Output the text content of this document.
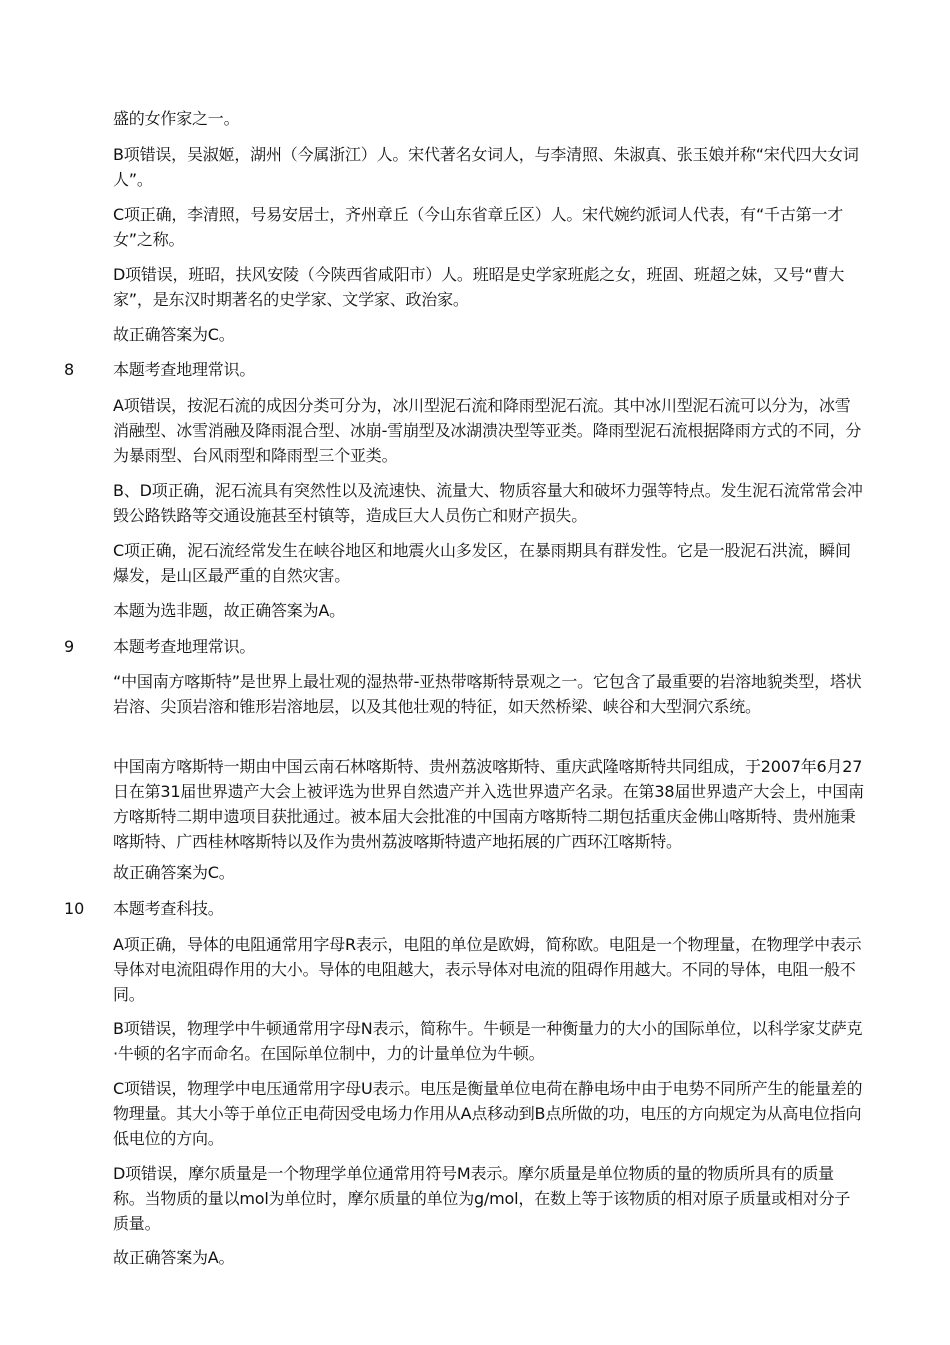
盛的女作家之一。

B项错误，吴淑姬，湖州（今属浙江）人。宋代著名女词人，与李清照、朱淑真、张玉娘并称“宋代四大女词人”。

C项正确，李清照，号易安居士，齐州章丘（今山东省章丘区）人。宋代婉约派词人代表，有“千古第一才女”之称。

D项错误，班昭，扶风安陵（今陕西省咸阳市）人。班昭是史学家班彪之女，班固、班超之妹，又号“曹大家”，是东汉时期著名的史学家、文学家、政治家。

故正确答案为C。

8	本题考查地理常识。

A项错误，按泥石流的成因分类可分为，冰川型泥石流和降雨型泥石流。其中冰川型泥石流可以分为，冰雪消融型、冰雪消融及降雨混合型、冰崩-雪崩型及冰湖溃决型等亚类。降雨型泥石流根据降雨方式的不同，分为暴雨型、台风雨型和降雨型三个亚类。

B、D项正确，泥石流具有突然性以及流速快、流量大、物质容量大和破坏力强等特点。发生泥石流常常会冲毁公路铁路等交通设施甚至村镇等，造成巨大人员伤亡和财产损失。

C项正确，泥石流经常发生在峡谷地区和地震火山多发区，在暴雨期具有群发性。它是一股泥石洪流，瞬间爆发，是山区最严重的自然灾害。

本题为选非题，故正确答案为A。

9	本题考查地理常识。

“中国南方喀斯特”是世界上最壮观的湿热带-亚热带喀斯特景观之一。它包含了最重要的岩溶地貌类型，塔状岩溶、尖顶岩溶和锥形岩溶地层，以及其他壮观的特征，如天然桥梁、峡谷和大型洞穴系统。

中国南方喀斯特一期由中国云南石林喀斯特、贵州荔波喀斯特、重庆武隆喀斯特共同组成，于2007年6月27日在第31届世界遗产大会上被评选为世界自然遗产并入选世界遗产名录。在第38届世界遗产大会上，中国南方喀斯特二期申遗项目获批通过。被本届大会批准的中国南方喀斯特二期包括重庆金佛山喀斯特、贵州施秉喀斯特、广西桂林喀斯特以及作为贵州荔波喀斯特遗产地拓展的广西环江喀斯特。

故正确答案为C。

10	本题考查科技。

A项正确，导体的电阻通常用字母R表示，电阻的单位是欧姆，简称欧。电阻是一个物理量，在物理学中表示导体对电流阻碍作用的大小。导体的电阻越大，表示导体对电流的阻碍作用越大。不同的导体，电阻一般不同。

B项错误，物理学中牛顿通常用字母N表示，简称牛。牛顿是一种衡量力的大小的国际单位，以科学家艾萨克·牛顿的名字而命名。在国际单位制中，力的计量单位为牛顿。

C项错误，物理学中电压通常用字母U表示。电压是衡量单位电荷在静电场中由于电势不同所产生的能量差的物理量。其大小等于单位正电荷因受电场力作用从A点移动到B点所做的功，电压的方向规定为从高电位指向低电位的方向。

D项错误，摩尔质量是一个物理学单位通常用符号M表示。摩尔质量是单位物质的量的物质所具有的质量称。当物质的量以mol为单位时，摩尔质量的单位为g/mol，在数上等于该物质的相对原子质量或相对分子质量。

故正确答案为A。
